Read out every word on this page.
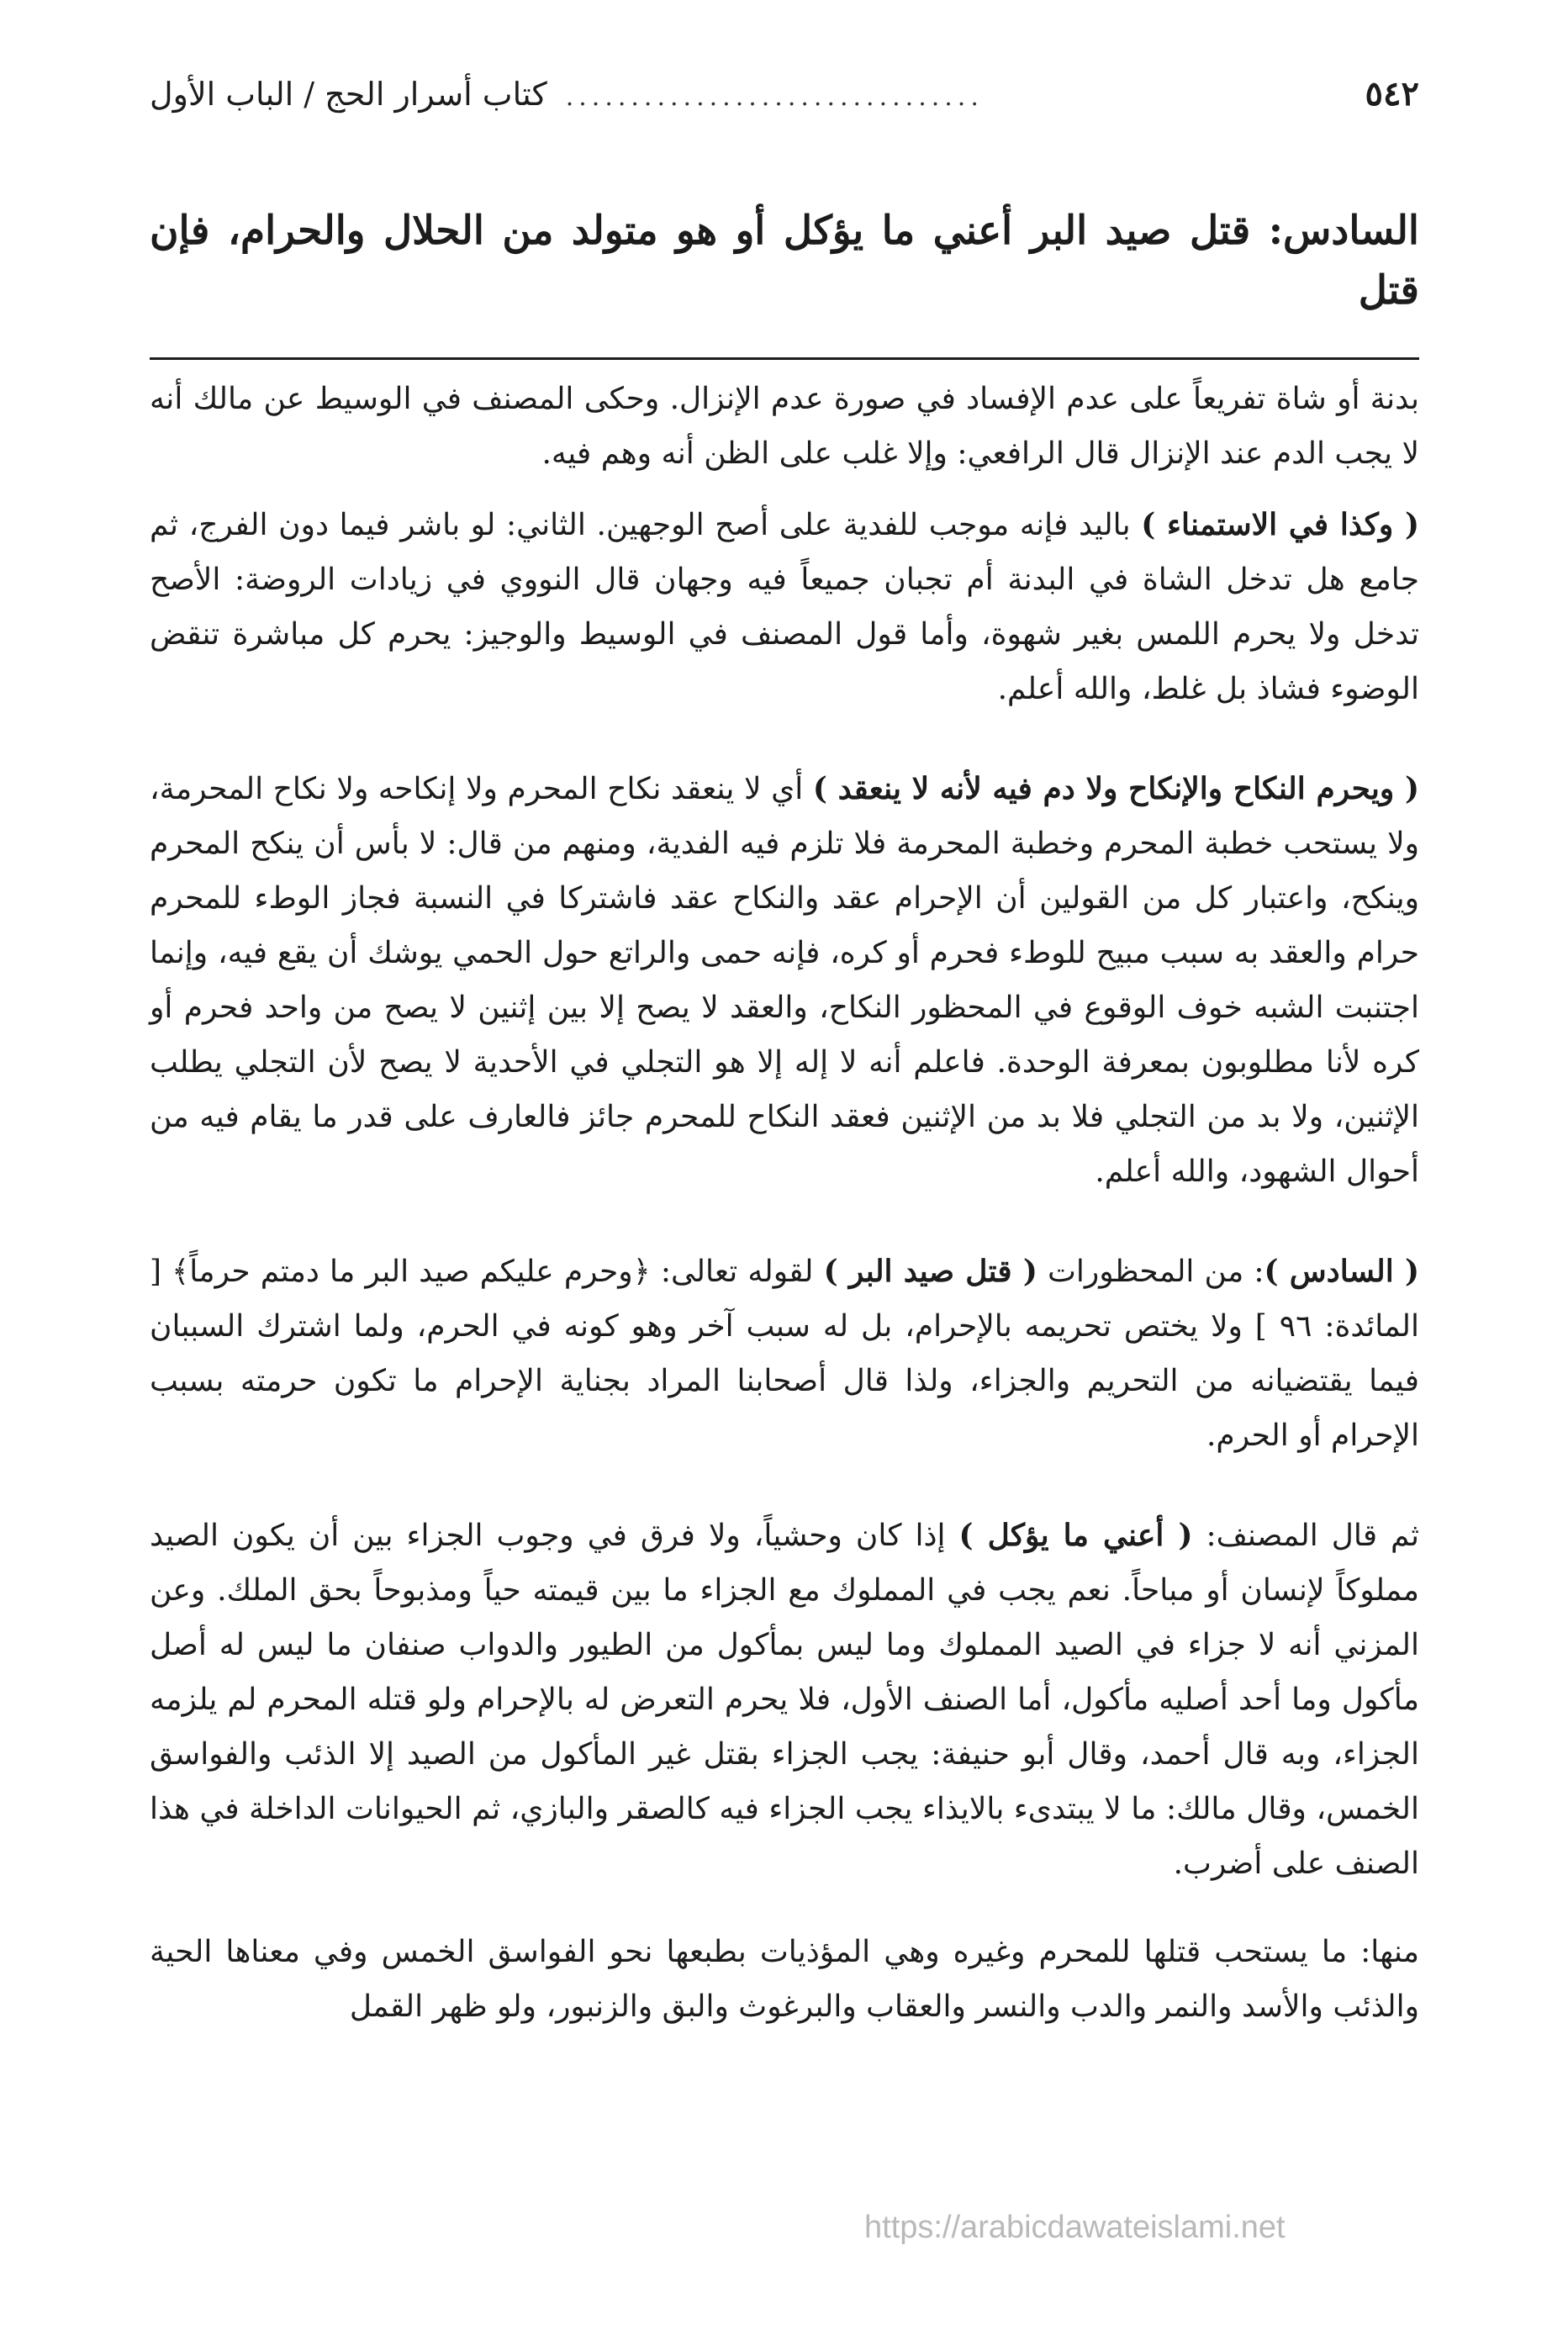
٥٤٢
................................
كتاب أسرار الحج / الباب الأول
السادس: قتل صيد البر أعني ما يؤكل أو هو متولد من الحلال والحرام، فإن قتل

بدنة أو شاة تفريعاً على عدم الإفساد في صورة عدم الإنزال. وحكى المصنف في الوسيط عن مالك أنه لا يجب الدم عند الإنزال قال الرافعي: وإلا غلب على الظن أنه وهم فيه.

( وكذا في الاستمناء ) باليد فإنه موجب للفدية على أصح الوجهين. الثاني: لو باشر فيما دون الفرج، ثم جامع هل تدخل الشاة في البدنة أم تجبان جميعاً فيه وجهان قال النووي في زيادات الروضة: الأصح تدخل ولا يحرم اللمس بغير شهوة، وأما قول المصنف في الوسيط والوجيز: يحرم كل مباشرة تنقض الوضوء فشاذ بل غلط، والله أعلم.

( ويحرم النكاح والإنكاح ولا دم فيه لأنه لا ينعقد ) أي لا ينعقد نكاح المحرم ولا إنكاحه ولا نكاح المحرمة، ولا يستحب خطبة المحرم وخطبة المحرمة فلا تلزم فيه الفدية، ومنهم من قال: لا بأس أن ينكح المحرم وينكح، واعتبار كل من القولين أن الإحرام عقد والنكاح عقد فاشتركا في النسبة فجاز الوطء للمحرم حرام والعقد به سبب مبيح للوطء فحرم أو كره، فإنه حمى والراتع حول الحمي يوشك أن يقع فيه، وإنما اجتنبت الشبه خوف الوقوع في المحظور النكاح، والعقد لا يصح إلا بين إثنين لا يصح من واحد فحرم أو كره لأنا مطلوبون بمعرفة الوحدة. فاعلم أنه لا إله إلا هو التجلي في الأحدية لا يصح لأن التجلي يطلب الإثنين، ولا بد من التجلي فلا بد من الإثنين فعقد النكاح للمحرم جائز فالعارف على قدر ما يقام فيه من أحوال الشهود، والله أعلم.

( السادس ): من المحظورات ( قتل صيد البر ) لقوله تعالى: ﴿وحرم عليكم صيد البر ما دمتم حرماً﴾ [ المائدة: ٩٦ ] ولا يختص تحريمه بالإحرام، بل له سبب آخر وهو كونه في الحرم، ولما اشترك السببان فيما يقتضيانه من التحريم والجزاء، ولذا قال أصحابنا المراد بجناية الإحرام ما تكون حرمته بسبب الإحرام أو الحرم.

ثم قال المصنف: ( أعني ما يؤكل ) إذا كان وحشياً، ولا فرق في وجوب الجزاء بين أن يكون الصيد مملوكاً لإنسان أو مباحاً. نعم يجب في المملوك مع الجزاء ما بين قيمته حياً ومذبوحاً بحق الملك. وعن المزني أنه لا جزاء في الصيد المملوك وما ليس بمأكول من الطيور والدواب صنفان ما ليس له أصل مأكول وما أحد أصليه مأكول، أما الصنف الأول، فلا يحرم التعرض له بالإحرام ولو قتله المحرم لم يلزمه الجزاء، وبه قال أحمد، وقال أبو حنيفة: يجب الجزاء بقتل غير المأكول من الصيد إلا الذئب والفواسق الخمس، وقال مالك: ما لا يبتدىء بالايذاء يجب الجزاء فيه كالصقر والبازي، ثم الحيوانات الداخلة في هذا الصنف على أضرب.

منها: ما يستحب قتلها للمحرم وغيره وهي المؤذيات بطبعها نحو الفواسق الخمس وفي معناها الحية والذئب والأسد والنمر والدب والنسر والعقاب والبرغوث والبق والزنبور، ولو ظهر القمل

https://arabicdawateislami.net
